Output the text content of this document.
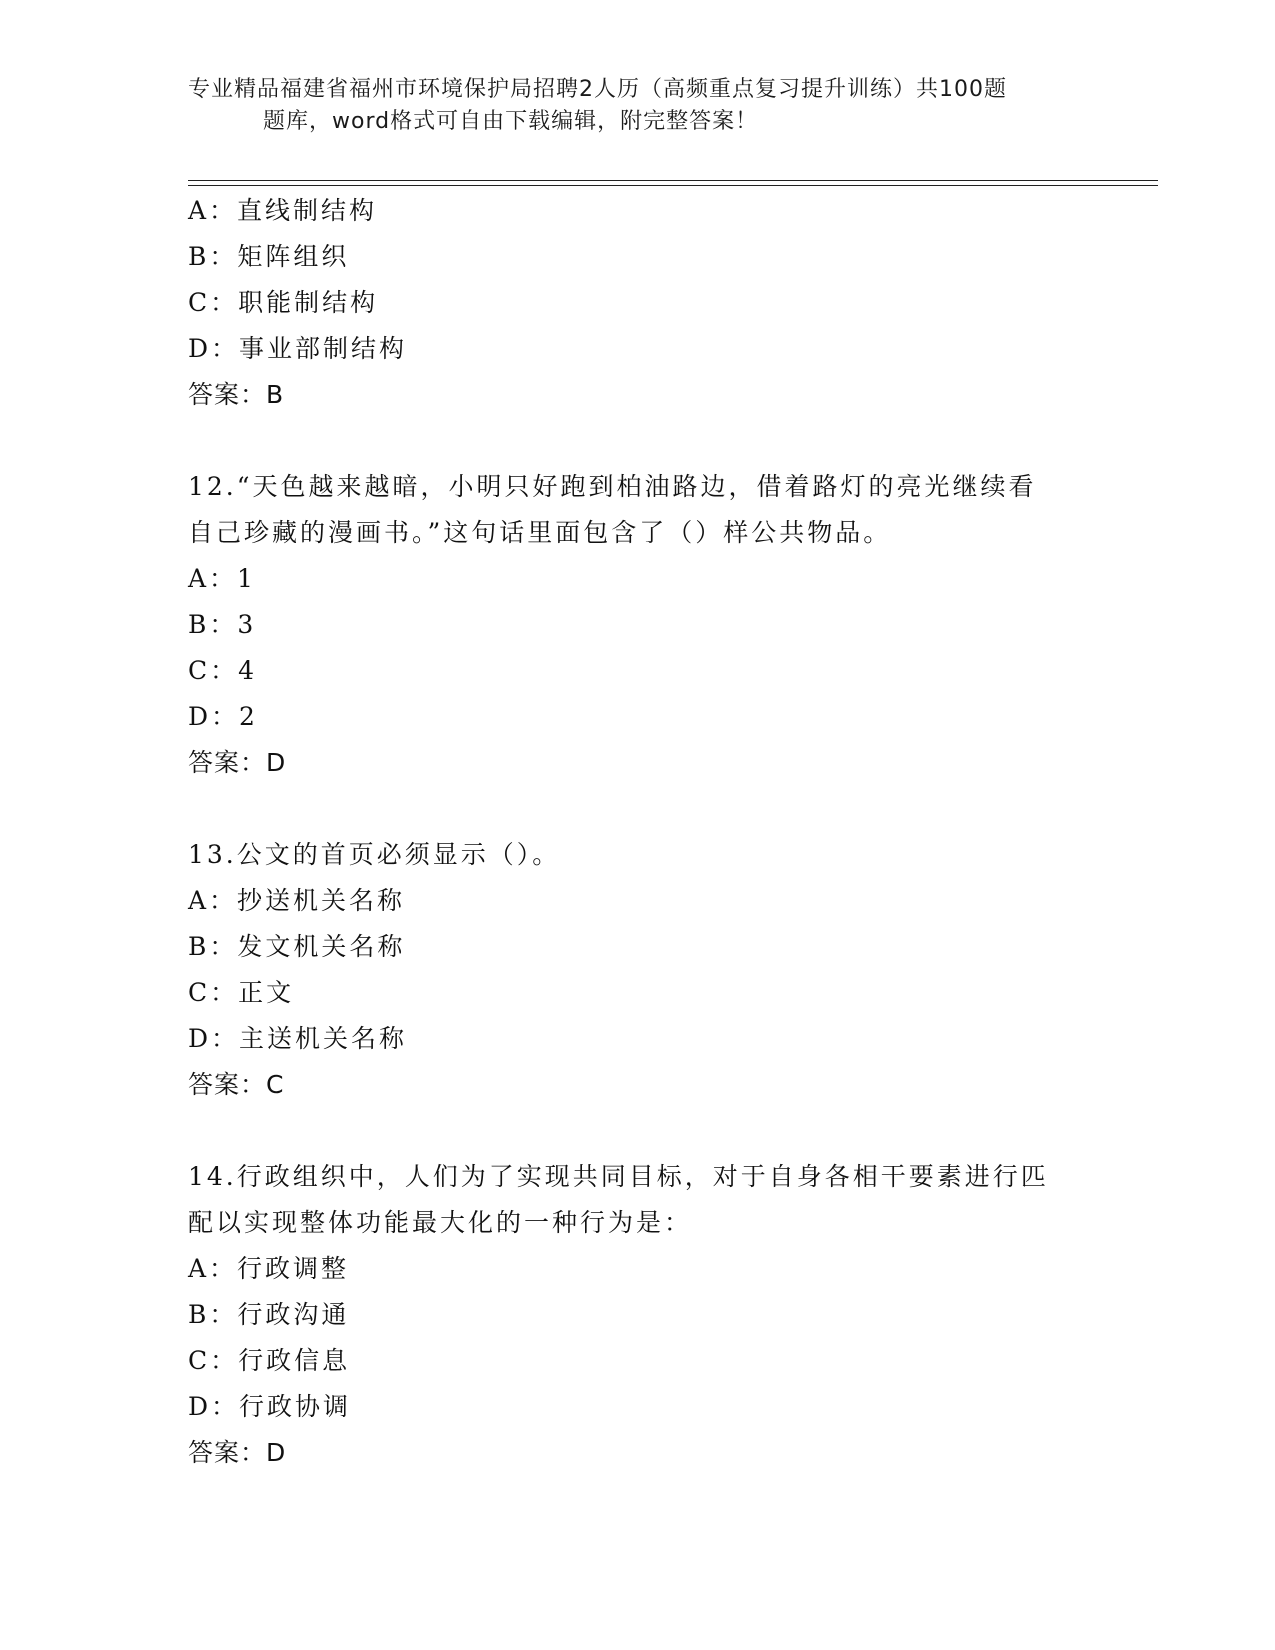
专业精品福建省福州市环境保护局招聘2人历（高频重点复习提升训练）共100题
题库，word格式可自由下载编辑，附完整答案！
A：直线制结构
B：矩阵组织
C：职能制结构
D：事业部制结构
答案：B
12.“天色越来越暗，小明只好跑到柏油路边，借着路灯的亮光继续看
自己珍藏的漫画书。”这句话里面包含了（）样公共物品。
A：1
B：3
C：4
D：2
答案：D
13.公文的首页必须显示（）。
A：抄送机关名称
B：发文机关名称
C：正文
D：主送机关名称
答案：C
14.行政组织中，人们为了实现共同目标，对于自身各相干要素进行匹
配以实现整体功能最大化的一种行为是：
A：行政调整
B：行政沟通
C：行政信息
D：行政协调
答案：D
